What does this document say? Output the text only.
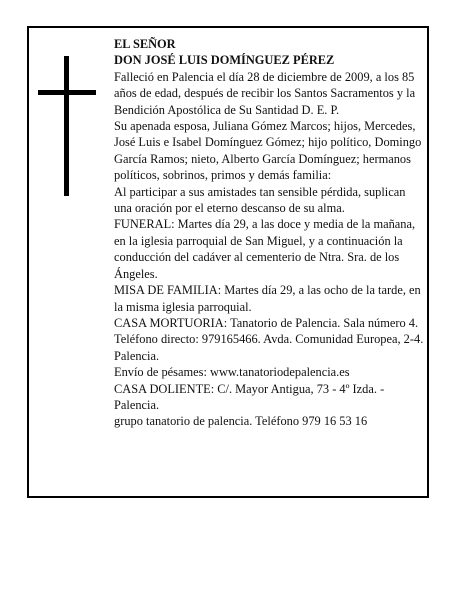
EL SEÑOR

DON JOSÉ LUIS DOMÍNGUEZ PÉREZ

Falleció en Palencia el día 28 de diciembre de 2009, a los 85 años de edad, después de recibir los Santos Sacramentos y la Bendición Apostólica de Su Santidad D. E. P.

Su apenada esposa, Juliana Gómez Marcos; hijos, Mercedes, José Luis e Isabel Domínguez Gómez; hijo político, Domingo García Ramos; nieto, Alberto García Domínguez; hermanos políticos, sobrinos, primos y demás familia:

Al participar a sus amistades tan sensible pérdida, suplican una oración por el eterno descanso de su alma.

FUNERAL: Martes día 29, a las doce y media de la mañana, en la iglesia parroquial de San Miguel, y a continuación la conducción del cadáver al cementerio de Ntra. Sra. de los Ángeles.

MISA DE FAMILIA: Martes día 29, a las ocho de la tarde, en la misma iglesia parroquial.

CASA MORTUORIA: Tanatorio de Palencia. Sala número 4. Teléfono directo: 979165466. Avda. Comunidad Europea, 2-4. Palencia.

Envío de pésames: www.tanatoriodepalencia.es

CASA DOLIENTE: C/. Mayor Antigua, 73 - 4º Izda. - Palencia.

grupo tanatorio de palencia. Teléfono 979 16 53 16
